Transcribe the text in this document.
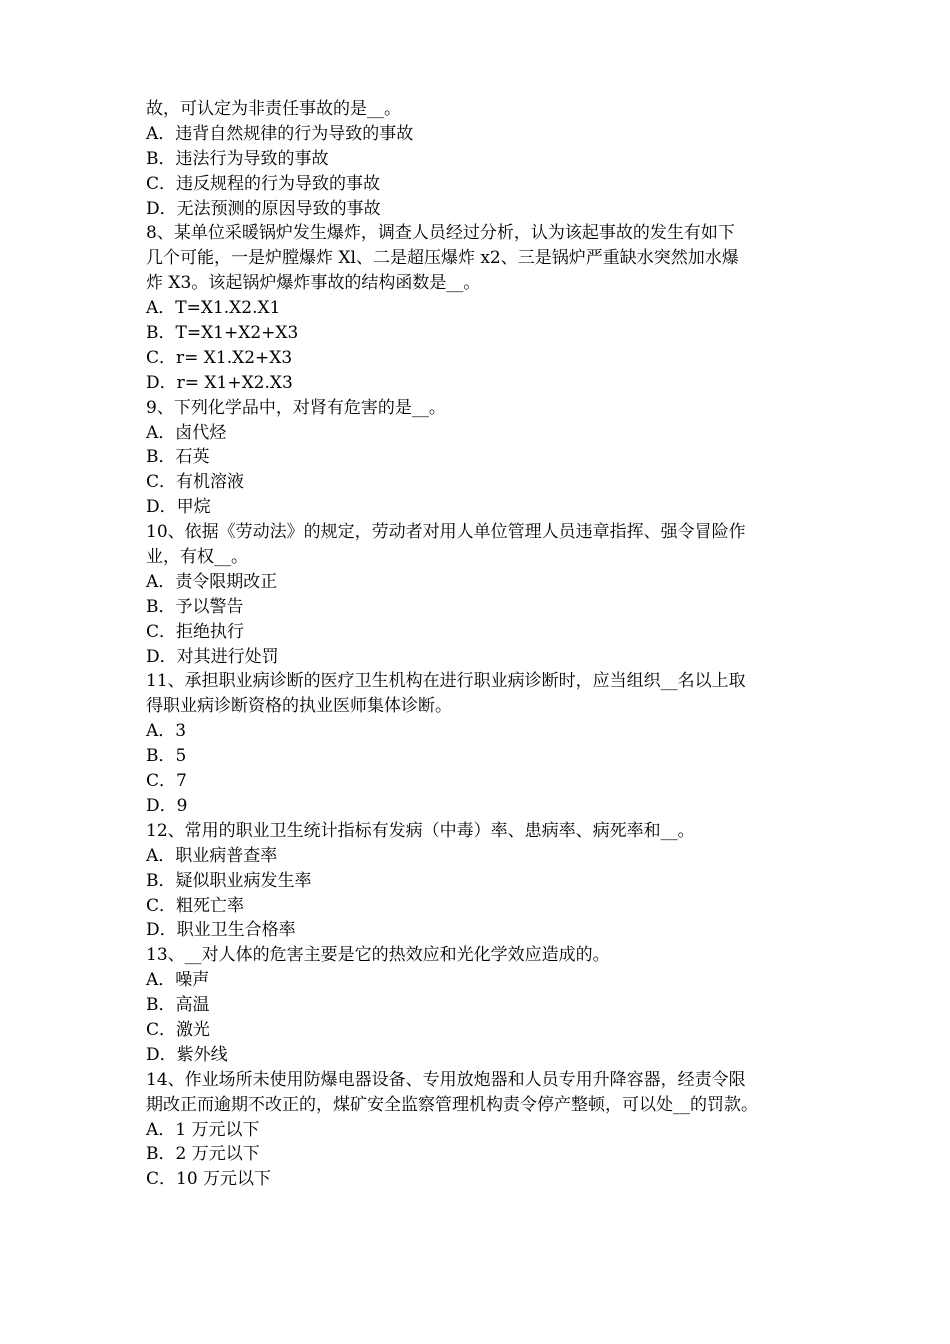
故，可认定为非责任事故的是__。
A．违背自然规律的行为导致的事故
B．违法行为导致的事故
C．违反规程的行为导致的事故
D．无法预测的原因导致的事故
8、某单位采暖锅炉发生爆炸，调查人员经过分析，认为该起事故的发生有如下
几个可能，一是炉膛爆炸 Xl、二是超压爆炸 x2、三是锅炉严重缺水突然加水爆
炸 X3。该起锅炉爆炸事故的结构函数是__。
A．T=X1.X2.X1
B．T=X1+X2+X3
C．r= X1.X2+X3
D．r= X1+X2.X3
9、下列化学品中，对肾有危害的是__。
A．卤代烃
B．石英
C．有机溶液
D．甲烷
10、依据《劳动法》的规定，劳动者对用人单位管理人员违章指挥、强令冒险作
业，有权__。
A．责令限期改正
B．予以警告
C．拒绝执行
D．对其进行处罚
11、承担职业病诊断的医疗卫生机构在进行职业病诊断时，应当组织__名以上取
得职业病诊断资格的执业医师集体诊断。
A．3
B．5
C．7
D．9
12、常用的职业卫生统计指标有发病（中毒）率、患病率、病死率和__。
A．职业病普查率
B．疑似职业病发生率
C．粗死亡率
D．职业卫生合格率
13、__对人体的危害主要是它的热效应和光化学效应造成的。
A．噪声
B．高温
C．激光
D．紫外线
14、作业场所未使用防爆电器设备、专用放炮器和人员专用升降容器，经责令限
期改正而逾期不改正的，煤矿安全监察管理机构责令停产整顿，可以处__的罚款。
A．1 万元以下
B．2 万元以下
C．10 万元以下
